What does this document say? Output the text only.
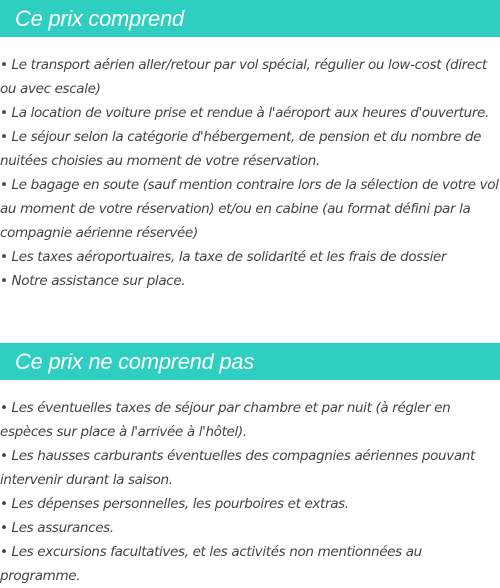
Ce prix comprend
• Le transport aérien aller/retour par vol spécial, régulier ou low-cost (direct ou avec escale)
• La location de voiture prise et rendue à l'aéroport aux heures d'ouverture.
• Le séjour selon la catégorie d'hébergement, de pension et du nombre de nuitées choisies au moment de votre réservation.
• Le bagage en soute (sauf mention contraire lors de la sélection de votre vol au moment de votre réservation) et/ou en cabine (au format défini par la compagnie aérienne réservée)
• Les taxes aéroportuaires, la taxe de solidarité et les frais de dossier
• Notre assistance sur place.
Ce prix ne comprend pas
• Les éventuelles taxes de séjour par chambre et par nuit (à régler en espèces sur place à l'arrivée à l'hôtel).
• Les hausses carburants éventuelles des compagnies aériennes pouvant intervenir durant la saison.
• Les dépenses personnelles, les pourboires et extras.
• Les assurances.
• Les excursions facultatives, et les activités non mentionnées au programme.
